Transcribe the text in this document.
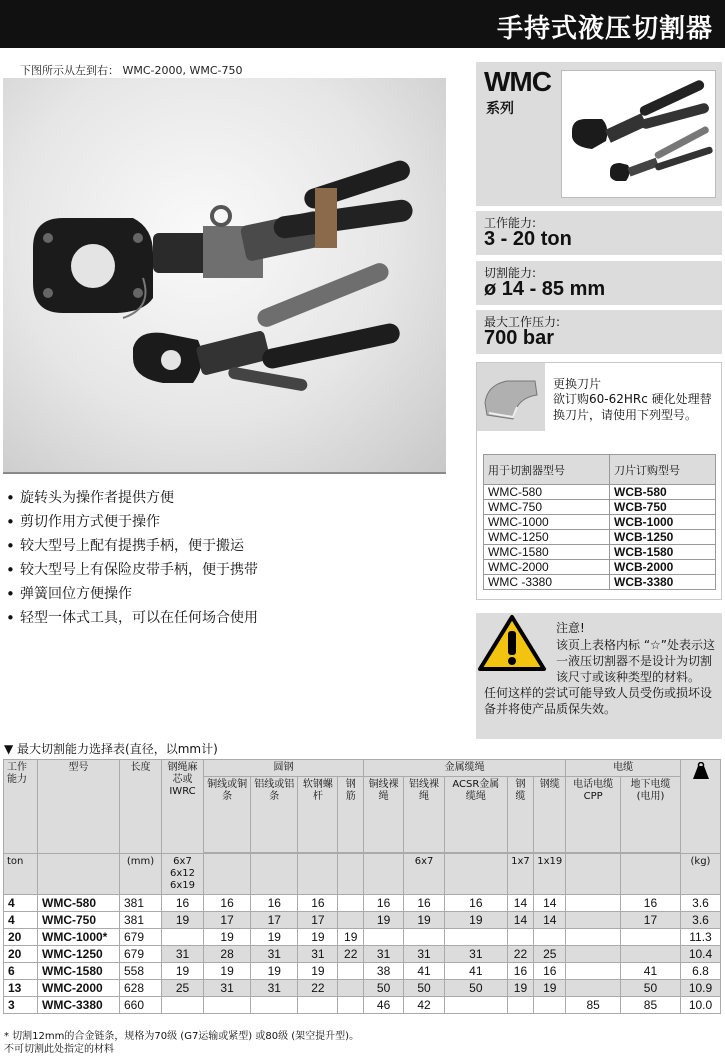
手持式液压切割器
下图所示从左到右： WMC-2000, WMC-750
• 旋转头为操作者提供方便
• 剪切作用方式便于操作
• 较大型号上配有提携手柄，便于搬运
• 较大型号上有保险皮带手柄，便于携带
• 弹簧回位方便操作
• 轻型一体式工具，可以在任何场合使用
WMC
系列
工作能力:
3 - 20 ton
切割能力:
ø 14 - 85 mm
最大工作压力:
700 bar
更换刀片
欲订购60-62HRc 硬化处理替换刀片，请使用下列型号。
用于切割器型号	刀片订购型号
WMC-580	WCB-580
WMC-750	WCB-750
WMC-1000	WCB-1000
WMC-1250	WCB-1250
WMC-1580	WCB-1580
WMC-2000	WCB-2000
WMC -3380	WCB-3380
注意!
该页上表格内标 “☆”处表示这一液压切割器不是设计为切割该尺寸或该种类型的材料。
任何这样的尝试可能导致人员受伤或损坏设备并将使产品质保失效。
▼ 最大切割能力选择表(直径，以mm计)
工作能力	型号	长度	钢绳麻芯或IWRC	圆钢				金属缆绳					电缆	
				铜线或铜条	铝线或铝条	软钢螺杆	钢筋	铜线裸绳	铝线裸绳	ACSR金属缆绳	钢缆	钢缆	电话电缆CPP	地下电缆(电用)	

ton		(mm)	6x7 6x12 6x19						6x7		1x7	1x19			(kg)
4	WMC-580	381	16	16	16	16		16	16	16	14	14		16	3.6
4	WMC-750	381	19	17	17	17		19	19	19	14	14		17	3.6
20	WMC-1000*	679		19	19	19	19								11.3
20	WMC-1250	679	31	28	31	31	22	31	31	31	22	25			10.4
6	WMC-1580	558	19	19	19	19		38	41	41	16	16		41	6.8
13	WMC-2000	628	25	31	31	22		50	50	50	19	19		50	10.9
3	WMC-3380	660						46	42				85	85	10.0
* 切割12mm的合金链条，规格为70级 (G7运输或紧型) 或80级 (架空提升型)。
不可切割此处指定的材料
